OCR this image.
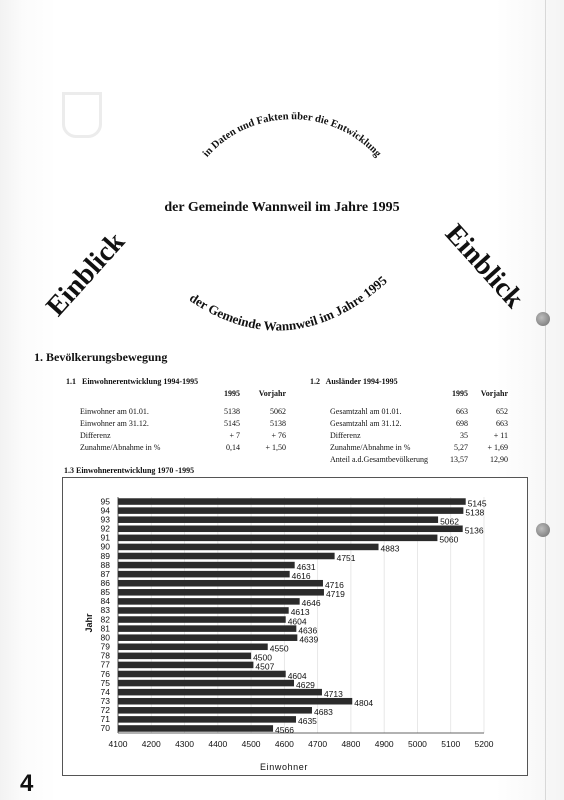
in Daten und Fakten über die Entwicklung
der Gemeinde Wannweil im Jahre 1995
Einblick	Einblick
der Gemeinde Wannweil im Jahre 1995
1. Bevölkerungsbewegung
1.1 Einwohnerentwicklung 1994-1995
	1995	Vorjahr

Einwohner am 01.01.	5138	5062
Einwohner am 31.12.	5145	5138
Differenz	+ 7	+ 76
Zunahme/Abnahme in %	0,14	+ 1,50
1.2 Ausländer 1994-1995
	1995	Vorjahr

Gesamtzahl am 01.01.	663	652
Gesamtzahl am 31.12.	698	663
Differenz	35	+ 11
Zunahme/Abnahme in %	5,27	+ 1,69
Anteil a.d.Gesamtbevölkerung	13,57	12,90
1.3 Einwohnerentwicklung 1970 -1995
4100 4200 4300 4400 4500 4600 4700 4800 4900 5000 5100 5200
95	5145
94	5138
93	5062
92	5136
91	5060
90	4883
89	4751
88	4631
87	4616
86	4716
85	4719
84	4646
83	4613
82	4604
81	4636
80	4639
79	4550
78	4500
77	4507
76	4604
75	4629
74	4713
73	4804
72	4683
71	4635
70	4566
Einwohner
Jahr
4
